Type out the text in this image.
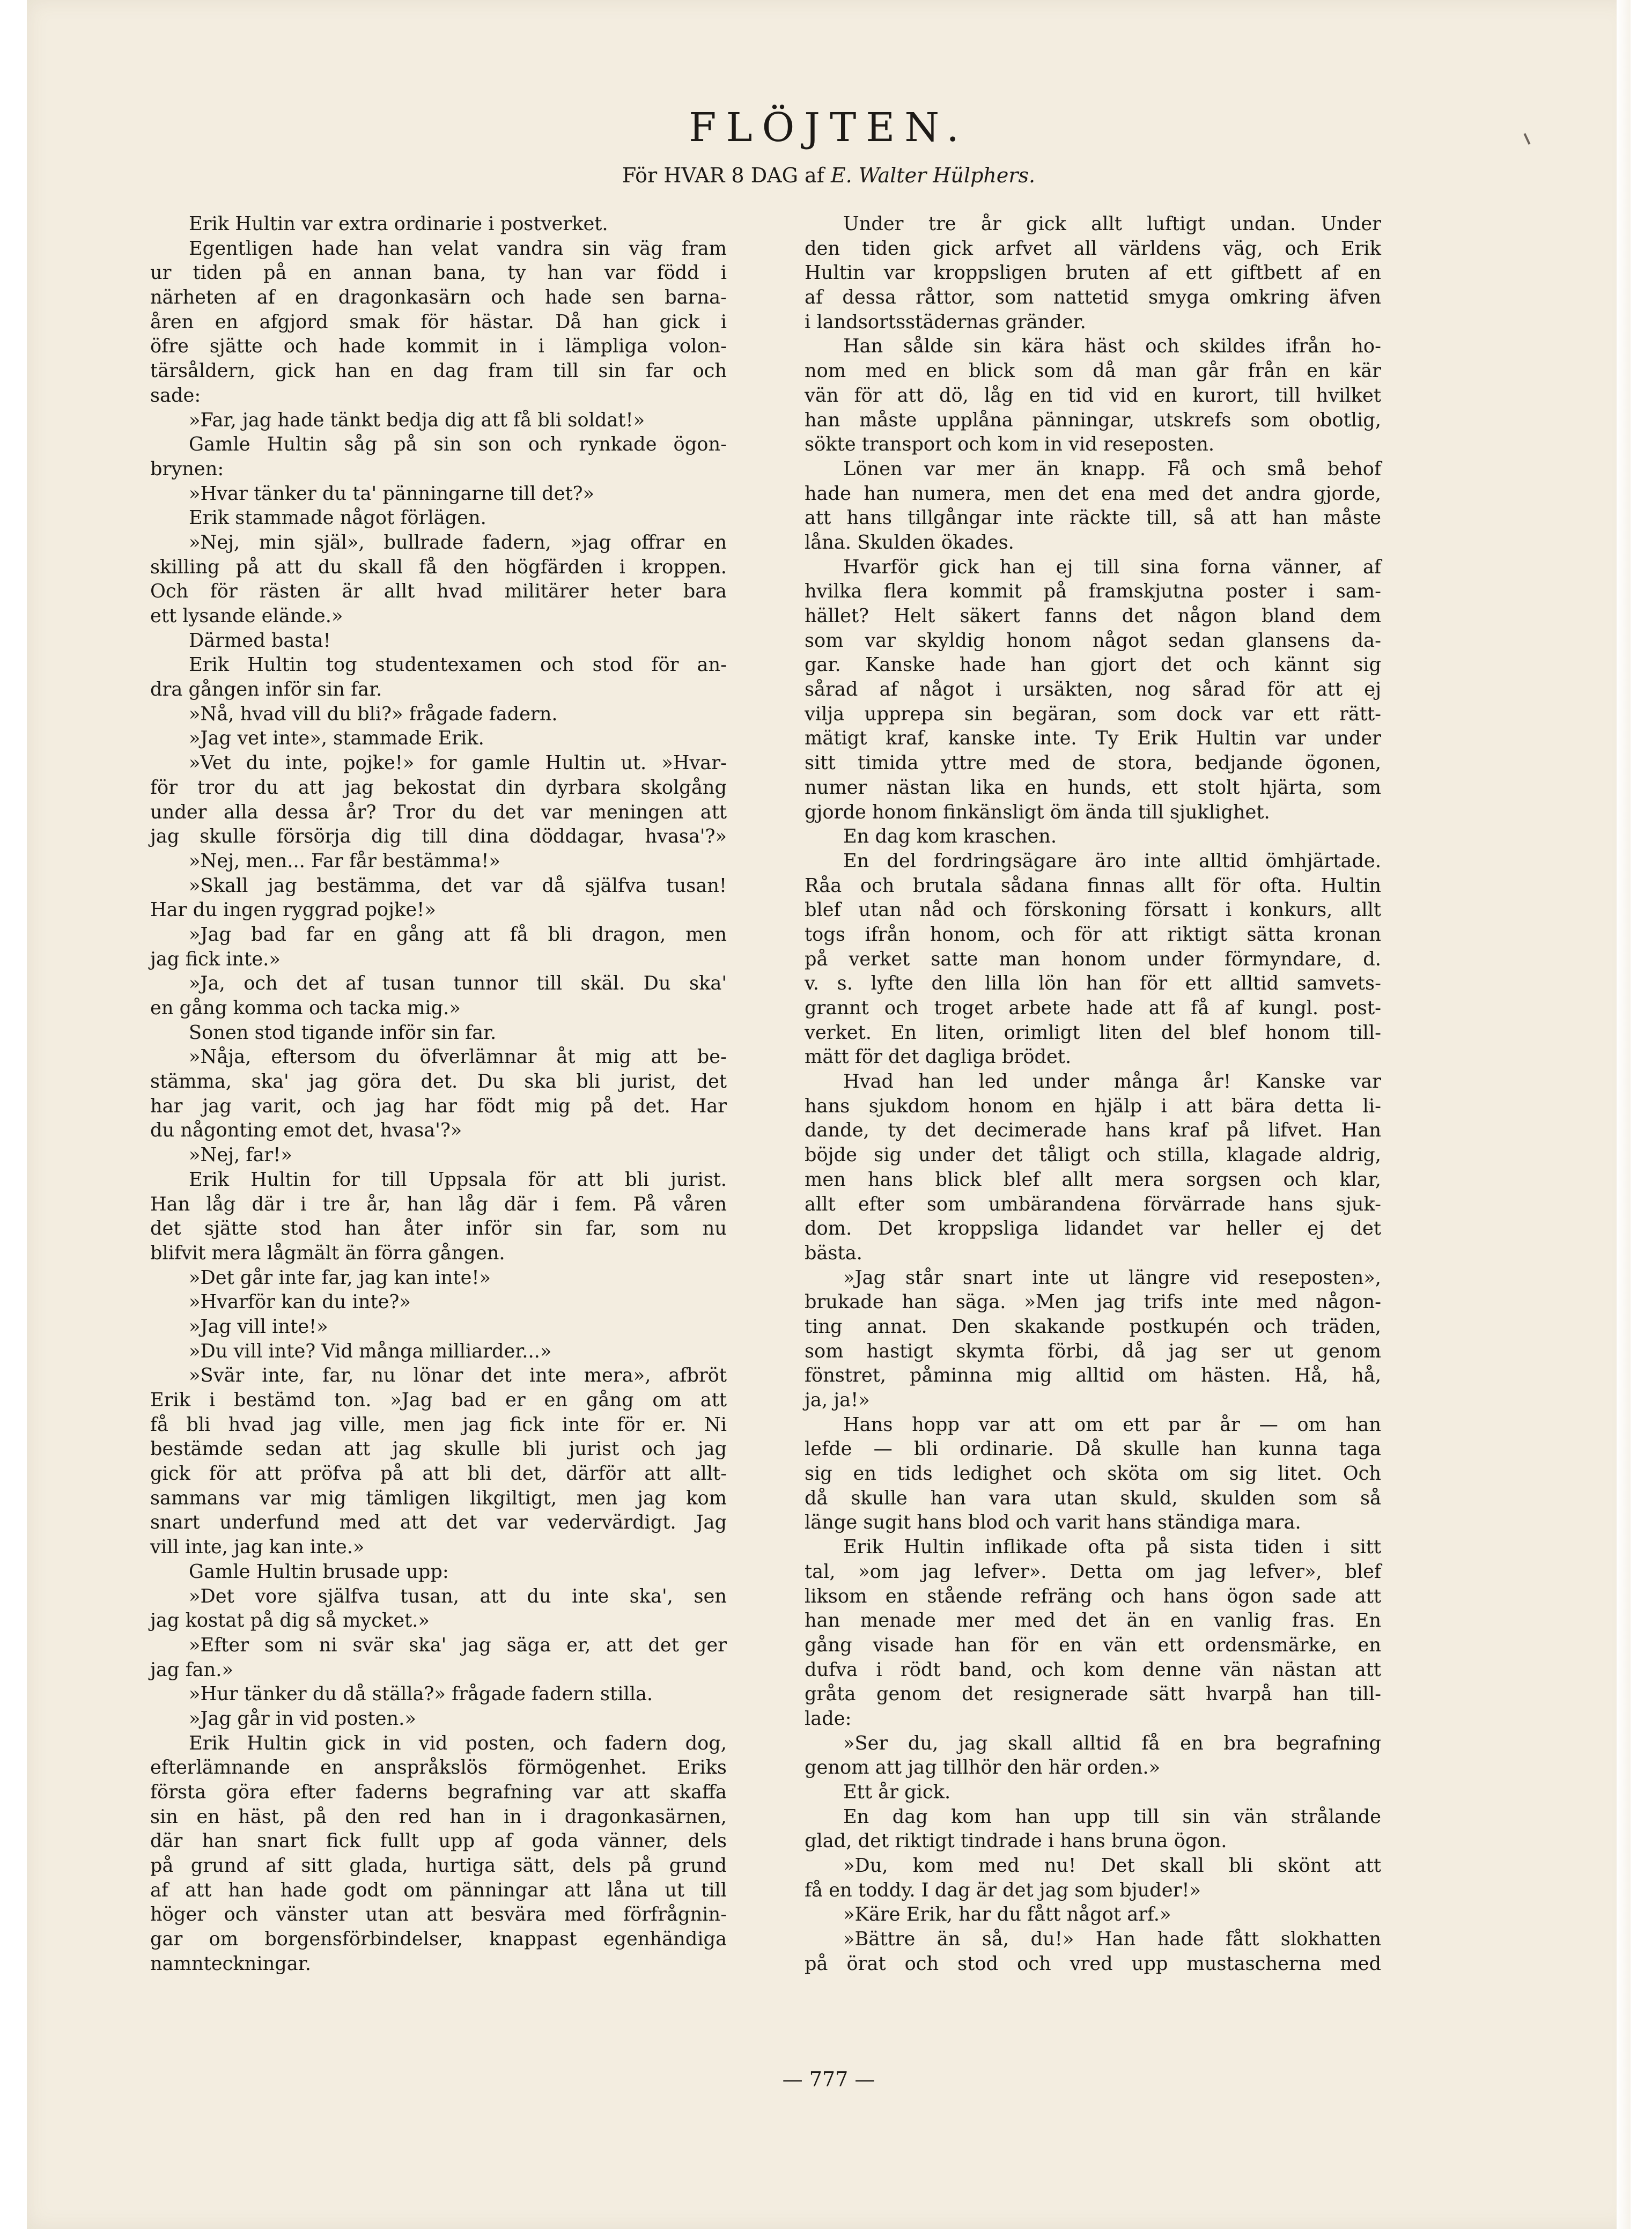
FLÖJTEN.
För HVAR 8 DAG af E. Walter Hülphers.
Erik Hultin var extra ordinarie i postverket.
Egentligen hade han velat vandra sin väg fram
ur tiden på en annan bana, ty han var född i
närheten af en dragonkasärn och hade sen barna-
åren en afgjord smak för hästar. Då han gick i
öfre sjätte och hade kommit in i lämpliga volon-
tärsåldern, gick han en dag fram till sin far och
sade:
»Far, jag hade tänkt bedja dig att få bli soldat!»
Gamle Hultin såg på sin son och rynkade ögon-
brynen:
»Hvar tänker du ta' pänningarne till det?»
Erik stammade något förlägen.
»Nej, min själ», bullrade fadern, »jag offrar en
skilling på att du skall få den högfärden i kroppen.
Och för rästen är allt hvad militärer heter bara
ett lysande elände.»
Därmed basta!
Erik Hultin tog studentexamen och stod för an-
dra gången inför sin far.
»Nå, hvad vill du bli?» frågade fadern.
»Jag vet inte», stammade Erik.
»Vet du inte, pojke!» for gamle Hultin ut. »Hvar-
för tror du att jag bekostat din dyrbara skolgång
under alla dessa år? Tror du det var meningen att
jag skulle försörja dig till dina döddagar, hvasa'?»
»Nej, men... Far får bestämma!»
»Skall jag bestämma, det var då själfva tusan!
Har du ingen ryggrad pojke!»
»Jag bad far en gång att få bli dragon, men
jag fick inte.»
»Ja, och det af tusan tunnor till skäl. Du ska'
en gång komma och tacka mig.»
Sonen stod tigande inför sin far.
»Nåja, eftersom du öfverlämnar åt mig att be-
stämma, ska' jag göra det. Du ska bli jurist, det
har jag varit, och jag har födt mig på det. Har
du någonting emot det, hvasa'?»
»Nej, far!»
Erik Hultin for till Uppsala för att bli jurist.
Han låg där i tre år, han låg där i fem. På våren
det sjätte stod han åter inför sin far, som nu
blifvit mera lågmält än förra gången.
»Det går inte far, jag kan inte!»
»Hvarför kan du inte?»
»Jag vill inte!»
»Du vill inte? Vid många milliarder...»
»Svär inte, far, nu lönar det inte mera», afbröt
Erik i bestämd ton. »Jag bad er en gång om att
få bli hvad jag ville, men jag fick inte för er. Ni
bestämde sedan att jag skulle bli jurist och jag
gick för att pröfva på att bli det, därför att allt-
sammans var mig tämligen likgiltigt, men jag kom
snart underfund med att det var vedervärdigt. Jag
vill inte, jag kan inte.»
Gamle Hultin brusade upp:
»Det vore själfva tusan, att du inte ska', sen
jag kostat på dig så mycket.»
»Efter som ni svär ska' jag säga er, att det ger
jag fan.»
»Hur tänker du då ställa?» frågade fadern stilla.
»Jag går in vid posten.»
Erik Hultin gick in vid posten, och fadern dog,
efterlämnande en anspråkslös förmögenhet. Eriks
första göra efter faderns begrafning var att skaffa
sin en häst, på den red han in i dragonkasärnen,
där han snart fick fullt upp af goda vänner, dels
på grund af sitt glada, hurtiga sätt, dels på grund
af att han hade godt om pänningar att låna ut till
höger och vänster utan att besvära med förfrågnin-
gar om borgensförbindelser, knappast egenhändiga
namnteckningar.
Under tre år gick allt luftigt undan. Under
den tiden gick arfvet all världens väg, och Erik
Hultin var kroppsligen bruten af ett giftbett af en
af dessa råttor, som nattetid smyga omkring äfven
i landsortsstädernas gränder.
Han sålde sin kära häst och skildes ifrån ho-
nom med en blick som då man går från en kär
vän för att dö, låg en tid vid en kurort, till hvilket
han måste upplåna pänningar, utskrefs som obotlig,
sökte transport och kom in vid reseposten.
Lönen var mer än knapp. Få och små behof
hade han numera, men det ena med det andra gjorde,
att hans tillgångar inte räckte till, så att han måste
låna. Skulden ökades.
Hvarför gick han ej till sina forna vänner, af
hvilka flera kommit på framskjutna poster i sam-
hället? Helt säkert fanns det någon bland dem
som var skyldig honom något sedan glansens da-
gar. Kanske hade han gjort det och kännt sig
sårad af något i ursäkten, nog sårad för att ej
vilja upprepa sin begäran, som dock var ett rätt-
mätigt kraf, kanske inte. Ty Erik Hultin var under
sitt timida yttre med de stora, bedjande ögonen,
numer nästan lika en hunds, ett stolt hjärta, som
gjorde honom finkänsligt öm ända till sjuklighet.
En dag kom kraschen.
En del fordringsägare äro inte alltid ömhjärtade.
Råa och brutala sådana finnas allt för ofta. Hultin
blef utan nåd och förskoning försatt i konkurs, allt
togs ifrån honom, och för att riktigt sätta kronan
på verket satte man honom under förmyndare, d.
v. s. lyfte den lilla lön han för ett alltid samvets-
grannt och troget arbete hade att få af kungl. post-
verket. En liten, orimligt liten del blef honom till-
mätt för det dagliga brödet.
Hvad han led under många år! Kanske var
hans sjukdom honom en hjälp i att bära detta li-
dande, ty det decimerade hans kraf på lifvet. Han
böjde sig under det tåligt och stilla, klagade aldrig,
men hans blick blef allt mera sorgsen och klar,
allt efter som umbärandena förvärrade hans sjuk-
dom. Det kroppsliga lidandet var heller ej det
bästa.
»Jag står snart inte ut längre vid reseposten»,
brukade han säga. »Men jag trifs inte med någon-
ting annat. Den skakande postkupén och träden,
som hastigt skymta förbi, då jag ser ut genom
fönstret, påminna mig alltid om hästen. Hå, hå,
ja, ja!»
Hans hopp var att om ett par år — om han
lefde — bli ordinarie. Då skulle han kunna taga
sig en tids ledighet och sköta om sig litet. Och
då skulle han vara utan skuld, skulden som så
länge sugit hans blod och varit hans ständiga mara.
Erik Hultin inflikade ofta på sista tiden i sitt
tal, »om jag lefver». Detta om jag lefver», blef
liksom en stående refräng och hans ögon sade att
han menade mer med det än en vanlig fras. En
gång visade han för en vän ett ordensmärke, en
dufva i rödt band, och kom denne vän nästan att
gråta genom det resignerade sätt hvarpå han till-
lade:
»Ser du, jag skall alltid få en bra begrafning
genom att jag tillhör den här orden.»
Ett år gick.
En dag kom han upp till sin vän strålande
glad, det riktigt tindrade i hans bruna ögon.
»Du, kom med nu! Det skall bli skönt att
få en toddy. I dag är det jag som bjuder!»
»Käre Erik, har du fått något arf.»
»Bättre än så, du!» Han hade fått slokhatten
på örat och stod och vred upp mustascherna med
— 777 —
